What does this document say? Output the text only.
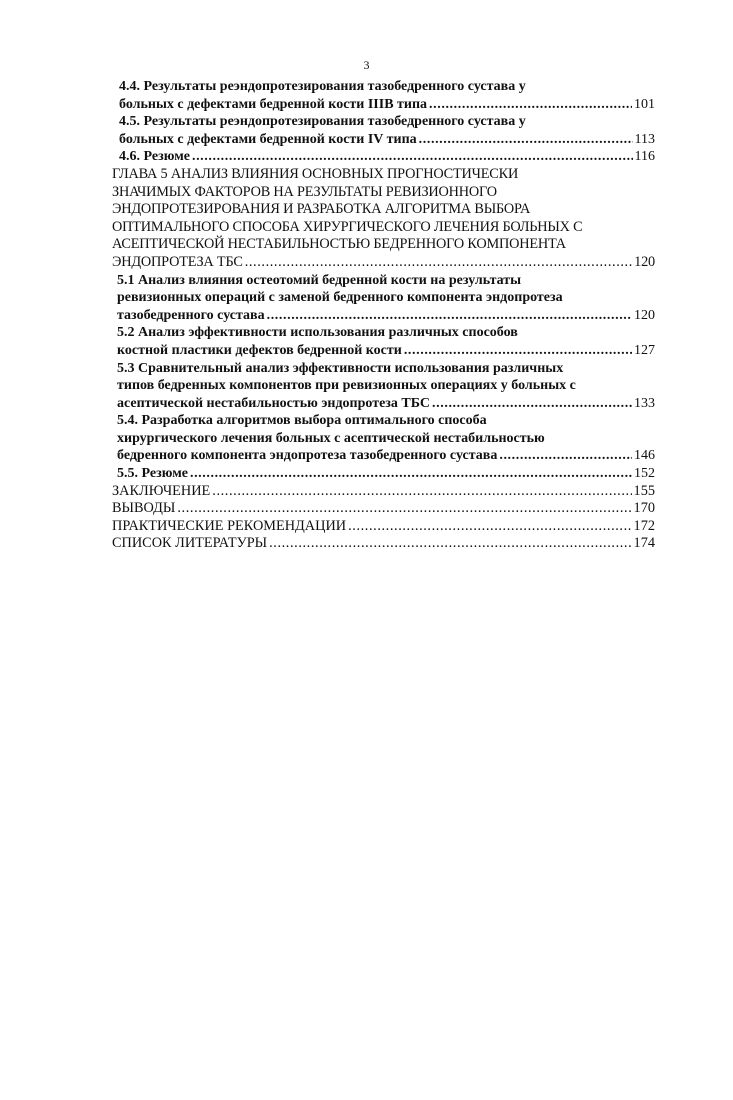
3
4.4. Результаты реэндопротезирования тазобедренного сустава у
больных с дефектами бедренной кости IIIB типа .....	101
4.5. Результаты реэндопротезирования тазобедренного сустава у
больных с дефектами бедренной кости IV типа .....	113
4.6. Резюме .....	116
ГЛАВА 5 АНАЛИЗ ВЛИЯНИЯ ОСНОВНЫХ ПРОГНОСТИЧЕСКИ
ЗНАЧИМЫХ ФАКТОРОВ НА РЕЗУЛЬТАТЫ РЕВИЗИОННОГО
ЭНДОПРОТЕЗИРОВАНИЯ И РАЗРАБОТКА АЛГОРИТМА ВЫБОРА
ОПТИМАЛЬНОГО СПОСОБА ХИРУРГИЧЕСКОГО ЛЕЧЕНИЯ БОЛЬНЫХ С
АСЕПТИЧЕСКОЙ НЕСТАБИЛЬНОСТЬЮ БЕДРЕННОГО КОМПОНЕНТА
ЭНДОПРОТЕЗА ТБС .....	120
5.1 Анализ влияния остеотомий бедренной кости на результаты
ревизионных операций с заменой бедренного компонента эндопротеза
тазобедренного сустава .....	120
5.2 Анализ эффективности использования различных способов
костной пластики дефектов бедренной кости .....	127
5.3 Сравнительный анализ эффективности использования различных
типов бедренных компонентов при ревизионных операциях у больных с
асептической нестабильностью эндопротеза ТБС .....	133
5.4. Разработка алгоритмов выбора оптимального способа
хирургического лечения больных с асептической нестабильностью
бедренного компонента эндопротеза тазобедренного сустава .....	146
5.5. Резюме .....	152
ЗАКЛЮЧЕНИЕ .....	155
ВЫВОДЫ .....	170
ПРАКТИЧЕСКИЕ РЕКОМЕНДАЦИИ .....	172
СПИСОК ЛИТЕРАТУРЫ .....	174
